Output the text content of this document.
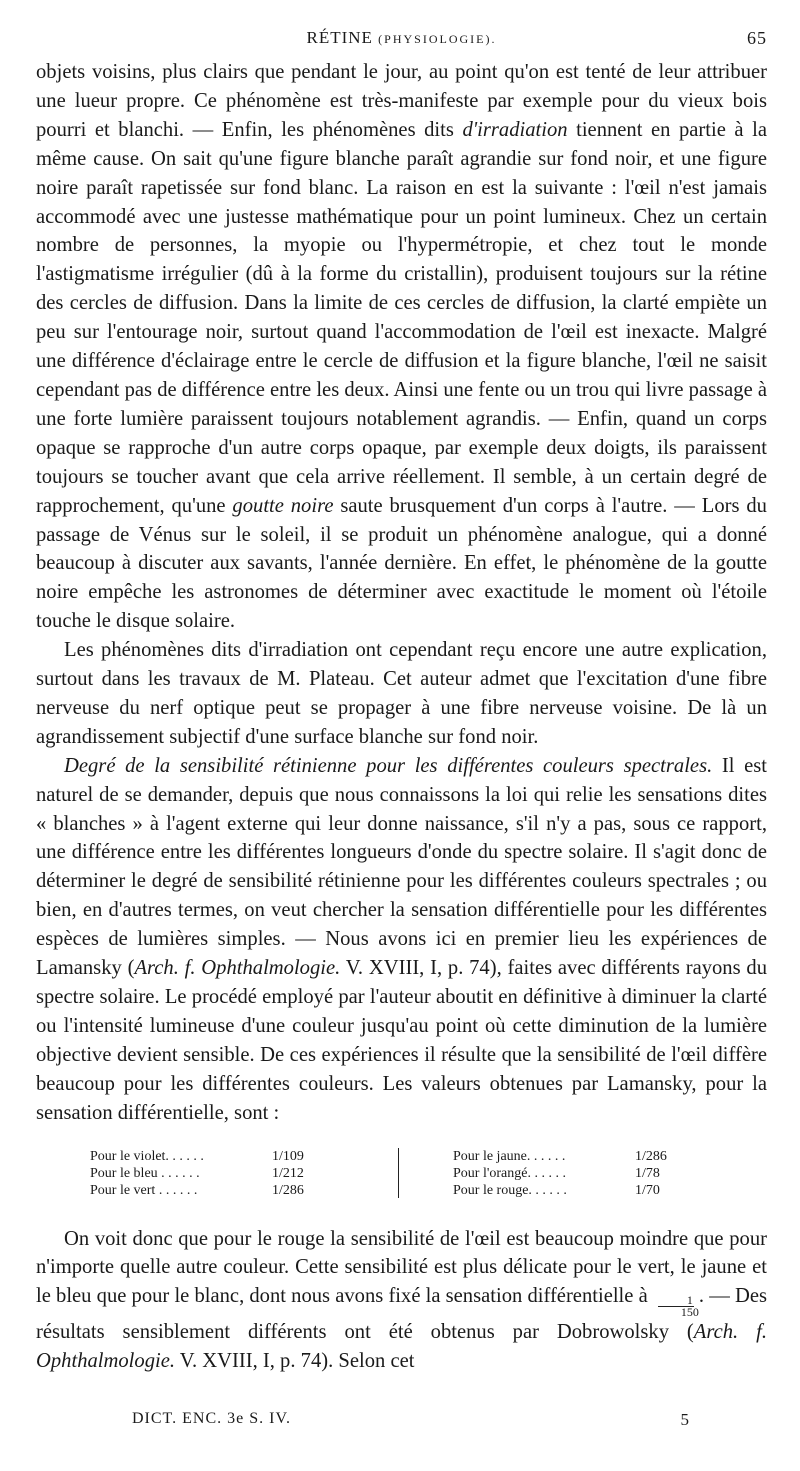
RÉTINE (PHYSIOLOGIE).	65

objets voisins, plus clairs que pendant le jour, au point qu'on est tenté de leur attribuer une lueur propre. Ce phénomène est très-manifeste par exemple pour du vieux bois pourri et blanchi. — Enfin, les phénomènes dits d'irradiation tiennent en partie à la même cause. On sait qu'une figure blanche paraît agrandie sur fond noir, et une figure noire paraît rapetissée sur fond blanc. La raison en est la suivante : l'œil n'est jamais accommodé avec une justesse mathématique pour un point lumineux. Chez un certain nombre de personnes, la myopie ou l'hypermétropie, et chez tout le monde l'astigmatisme irrégulier (dû à la forme du cristallin), produisent toujours sur la rétine des cercles de diffusion. Dans la limite de ces cercles de diffusion, la clarté empiète un peu sur l'entourage noir, surtout quand l'accommodation de l'œil est inexacte. Malgré une différence d'éclairage entre le cercle de diffusion et la figure blanche, l'œil ne saisit cependant pas de différence entre les deux. Ainsi une fente ou un trou qui livre passage à une forte lumière paraissent toujours notablement agrandis. — Enfin, quand un corps opaque se rapproche d'un autre corps opaque, par exemple deux doigts, ils paraissent toujours se toucher avant que cela arrive réellement. Il semble, à un certain degré de rapprochement, qu'une goutte noire saute brusquement d'un corps à l'autre. — Lors du passage de Vénus sur le soleil, il se produit un phénomène analogue, qui a donné beaucoup à discuter aux savants, l'année dernière. En effet, le phénomène de la goutte noire empêche les astronomes de déterminer avec exactitude le moment où l'étoile touche le disque solaire.

Les phénomènes dits d'irradiation ont cependant reçu encore une autre explication, surtout dans les travaux de M. Plateau. Cet auteur admet que l'excitation d'une fibre nerveuse du nerf optique peut se propager à une fibre nerveuse voisine. De là un agrandissement subjectif d'une surface blanche sur fond noir.

Degré de la sensibilité rétinienne pour les différentes couleurs spectrales. Il est naturel de se demander, depuis que nous connaissons la loi qui relie les sensations dites « blanches » à l'agent externe qui leur donne naissance, s'il n'y a pas, sous ce rapport, une différence entre les différentes longueurs d'onde du spectre solaire. Il s'agit donc de déterminer le degré de sensibilité rétinienne pour les différentes couleurs spectrales ; ou bien, en d'autres termes, on veut chercher la sensation différentielle pour les différentes espèces de lumières simples. — Nous avons ici en premier lieu les expériences de Lamansky (Arch. f. Ophthalmologie. V. XVIII, I, p. 74), faites avec différents rayons du spectre solaire. Le procédé employé par l'auteur aboutit en définitive à diminuer la clarté ou l'intensité lumineuse d'une couleur jusqu'au point où cette diminution de la lumière objective devient sensible. De ces expériences il résulte que la sensibilité de l'œil diffère beaucoup pour les différentes couleurs. Les valeurs obtenues par Lamansky, pour la sensation différentielle, sont :

Pour le violet. . . . . .	1/109
Pour le bleu . . . . . .	1/212
Pour le vert . . . . . .	1/286
Pour le jaune. . . . . .	1/286
Pour l'orangé. . . . . .	1/78
Pour le rouge. . . . . .	1/70

On voit donc que pour le rouge la sensibilité de l'œil est beaucoup moindre que pour n'importe quelle autre couleur. Cette sensibilité est plus délicate pour le vert, le jaune et le bleu que pour le blanc, dont nous avons fixé la sensation différentielle à $\frac{1}{150}$ . — Des résultats sensiblement différents ont été obtenus par Dobrowolsky (Arch. f. Ophthalmologie. V. XVIII, I, p. 74). Selon cet

DICT. ENC. 3e S. IV.	5
